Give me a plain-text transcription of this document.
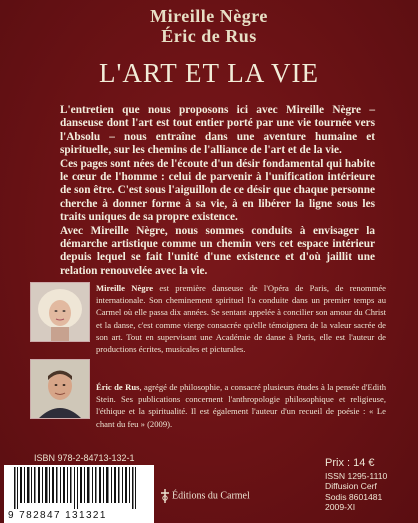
Mireille Nègre
Éric de Rus
L'ART ET LA VIE

L'entretien que nous proposons ici avec Mireille Nègre – danseuse dont l'art est tout entier porté par une vie tournée vers l'Absolu – nous entraîne dans une aventure humaine et spirituelle, sur les chemins de l'alliance de l'art et de la vie.

Ces pages sont nées de l'écoute d'un désir fondamental qui habite le cœur de l'homme : celui de parvenir à l'unification intérieure de son être. C'est sous l'aiguillon de ce désir que chaque personne cherche à donner forme à sa vie, à en libérer la ligne sous les traits uniques de sa propre existence.

Avec Mireille Nègre, nous sommes conduits à envisager la démarche artistique comme un chemin vers cet espace intérieur depuis lequel se fait l'unité d'une existence et d'où jaillit une relation renouvelée avec la vie.

Mireille Nègre est première danseuse de l'Opéra de Paris, de renommée internationale. Son cheminement spirituel l'a conduite dans un premier temps au Carmel où elle passa dix années. Se sentant appelée à concilier son amour du Christ et la danse, c'est comme vierge consacrée qu'elle témoignera de la valeur sacrée de son art. Tout en supervisant une Académie de danse à Paris, elle est l'auteur de productions écrites, musicales et picturales.
Éric de Rus, agrégé de philosophie, a consacré plusieurs études à la pensée d'Edith Stein. Ses publications concernent l'anthropologie philosophique et religieuse, l'éthique et la spiritualité. Il est également l'auteur d'un recueil de poésie : « Le chant du feu » (2009).
ISBN 978-2-84713-132-1
9 782847 131321
Éditions du Carmel
Prix : 14 €
ISSN 1295-1110
Diffusion Cerf
Sodis 8601481
2009-XI
